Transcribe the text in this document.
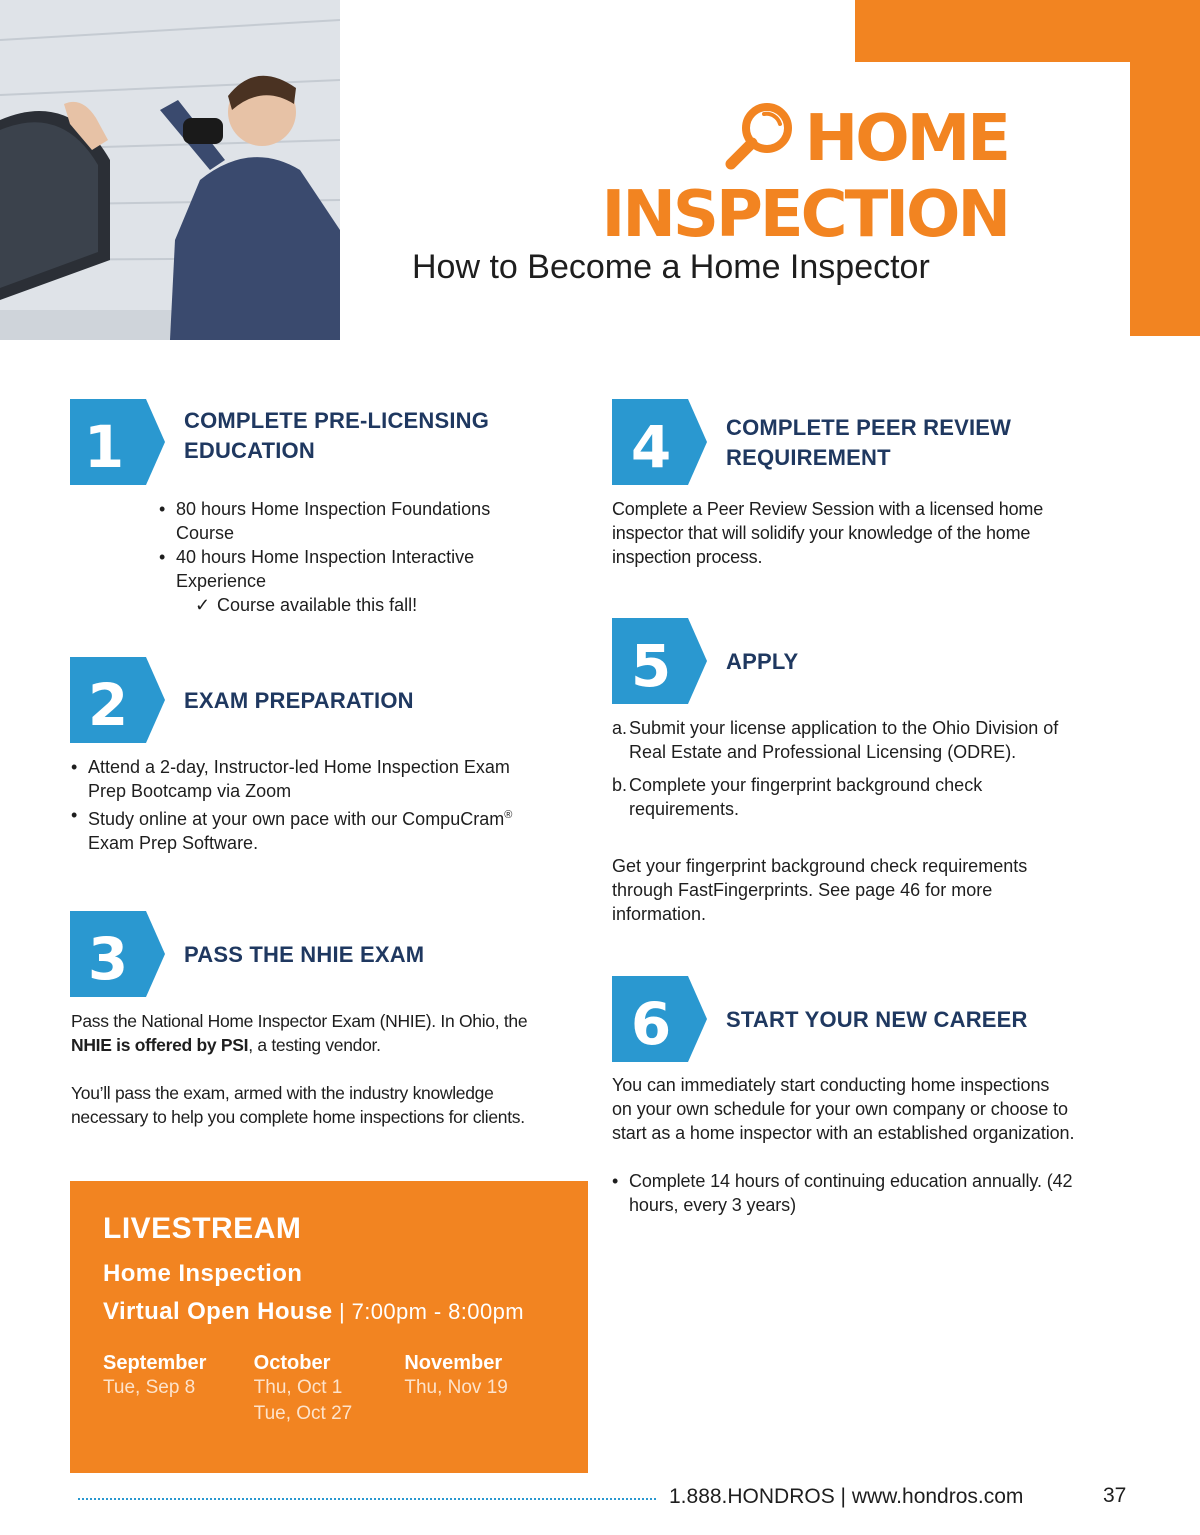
HOME
INSPECTION
How to Become a Home Inspector
1	COMPLETE PRE-LICENSING
EDUCATION
• 80 hours Home Inspection Foundations
Course
• 40 hours Home Inspection Interactive
Experience
✓ Course available this fall!
2	EXAM PREPARATION
• Attend a 2-day, Instructor-led Home Inspection Exam
Prep Bootcamp via Zoom
• Study online at your own pace with our CompuCram®
Exam Prep Software.
3	PASS THE NHIE EXAM
Pass the National Home Inspector Exam (NHIE). In Ohio, the
NHIE is offered by PSI, a testing vendor.
You’ll pass the exam, armed with the industry knowledge
necessary to help you complete home inspections for clients.
LIVESTREAM
Home Inspection
Virtual Open House | 7:00pm - 8:00pm
September
Tue, Sep 8
October
Thu, Oct 1
Tue, Oct 27
November
Thu, Nov 19
4 COMPLETE PEER REVIEW
REQUIREMENT
Complete a Peer Review Session with a licensed home
inspector that will solidify your knowledge of the home
inspection process.
5 APPLY
a. Submit your license application to the Ohio Division of
Real Estate and Professional Licensing (ODRE).
b. Complete your fingerprint background check
requirements.
Get your fingerprint background check requirements
through FastFingerprints. See page 46 for more
information.
6 START YOUR NEW CAREER
You can immediately start conducting home inspections
on your own schedule for your own company or choose to
start as a home inspector with an established organization.
• Complete 14 hours of continuing education annually. (42
hours, every 3 years)
1.888.HONDROS | www.hondros.com	37
